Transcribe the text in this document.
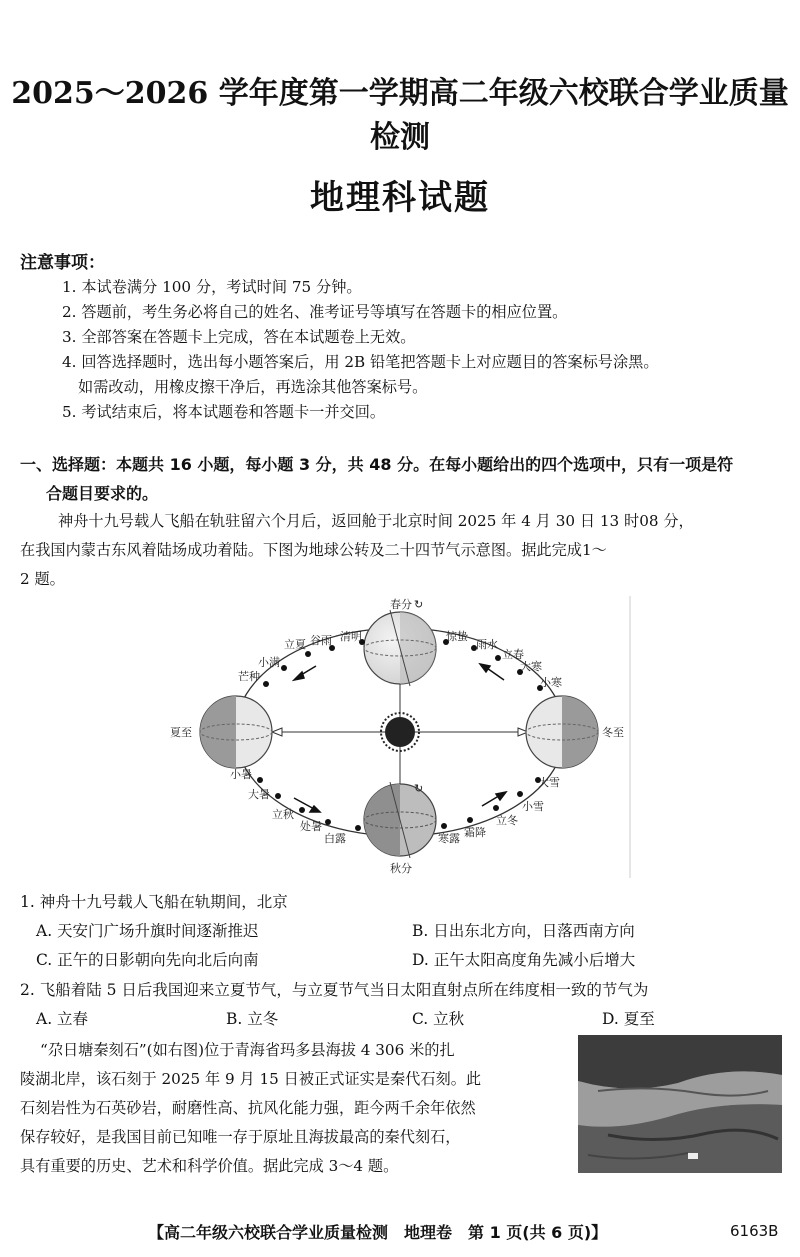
2025～2026 学年度第一学期高二年级六校联合学业质量检测
地理科试题
注意事项：
1. 本试卷满分 100 分，考试时间 75 分钟。
2. 答题前，考生务必将自己的姓名、准考证号等填写在答题卡的相应位置。
3. 全部答案在答题卡上完成，答在本试题卷上无效。
4. 回答选择题时，选出每小题答案后，用 2B 铅笔把答题卡上对应题目的答案标号涂黑。
如需改动，用橡皮擦干净后，再选涂其他答案标号。
5. 考试结束后，将本试题卷和答题卡一并交回。
一、选择题：本题共 16 小题，每小题 3 分，共 48 分。在每小题给出的四个选项中，只有一项是符
合题目要求的。
神舟十九号载人飞船在轨驻留六个月后，返回舱于北京时间 2025 年 4 月 30 日 13 时08 分，
在我国内蒙古东风着陆场成功着陆。下图为地球公转及二十四节气示意图。据此完成1～
2 题。
↻
↻
春分
秋分
夏至	冬至
立夏 谷雨 清明
小满
芒种
惊蛰
雨水
立春
大寒
小寒
小暑
大暑
立秋
处暑
白露	寒露 霜降
立冬
小雪
大雪
1. 神舟十九号载人飞船在轨期间，北京
A. 天安门广场升旗时间逐渐推迟	B. 日出东北方向，日落西南方向
C. 正午的日影朝向先向北后向南	D. 正午太阳高度角先减小后增大
2. 飞船着陆 5 日后我国迎来立夏节气，与立夏节气当日太阳直射点所在纬度相一致的节气为
A. 立春	B. 立冬	C. 立秋	D. 夏至
“尕日塘秦刻石”(如右图)位于青海省玛多县海拔 4 306 米的扎
陵湖北岸，该石刻于 2025 年 9 月 15 日被正式证实是秦代石刻。此
石刻岩性为石英砂岩，耐磨性高、抗风化能力强，距今两千余年依然
保存较好，是我国目前已知唯一存于原址且海拔最高的秦代刻石，
具有重要的历史、艺术和科学价值。据此完成 3～4 题。
【高二年级六校联合学业质量检测　地理卷　第 1 页(共 6 页)】	6163B
